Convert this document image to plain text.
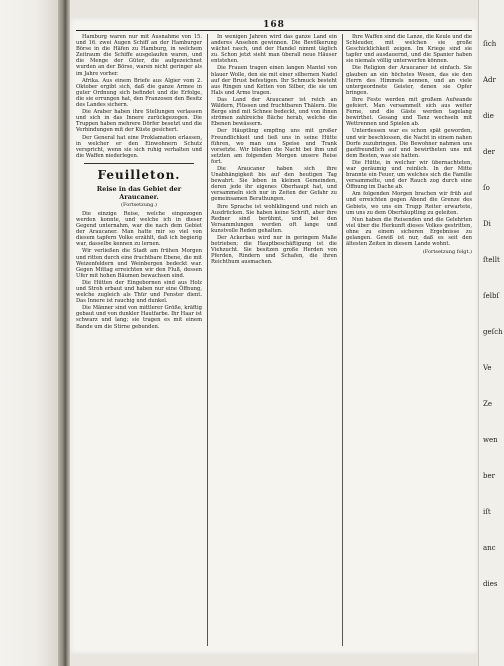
168

Hamburg waren nur mit Ausnahme von 15. und 16. zwei Augen Schiff an der Hamburger Börse in die Häfen zu Hamburg, in welchem Zeitraum die Schiffe ausgelaufen waren, und die Menge der Güter, die aufgezeichnet wurden an der Börse, waren nicht geringer als im Jahre vorher.

Afrika. Aus einem Briefe aus Algier vom 2. Oktober ergibt sich, daß die ganze Armee in guter Ordnung sich befindet und die Erfolge, die sie errungen hat, den Franzosen den Besitz des Landes sichern.

Die Araber haben ihre Stellungen verlassen und sich in das Innere zurückgezogen. Die Truppen haben mehrere Dörfer besetzt und die Verbindungen mit der Küste gesichert.

Der General hat eine Proklamation erlassen, in welcher er den Einwohnern Schutz verspricht, wenn sie sich ruhig verhalten und die Waffen niederlegen.

Feuilleton.
Reise in das Gebiet der Araucaner.
(Fortsetzung.)

Die einzige Reise, welche eingezogen werden konnte, und welche ich in dieser Gegend unternahm, war die nach dem Gebiet der Araucaner. Man hatte mir so viel von diesem tapfern Volke erzählt, daß ich begierig war, dasselbe kennen zu lernen.

Wir verließen die Stadt am frühen Morgen und ritten durch eine fruchtbare Ebene, die mit Weizenfeldern und Weinbergen bedeckt war. Gegen Mittag erreichten wir den Fluß, dessen Ufer mit hohen Bäumen bewachsen sind.

Die Hütten der Eingebornen sind aus Holz und Stroh erbaut und haben nur eine Öffnung, welche zugleich als Thür und Fenster dient. Das Innere ist rauchig und dunkel.

Die Männer sind von mittlerer Größe, kräftig gebaut und von dunkler Hautfarbe. Ihr Haar ist schwarz und lang; sie tragen es mit einem Bande um die Stirne gebunden.

In wenigen Jahren wird das ganze Land ein anderes Ansehen gewinnen. Die Bevölkerung wächst rasch, und der Handel nimmt täglich zu. Schon jetzt sieht man überall neue Häuser entstehen.

Die Frauen tragen einen langen Mantel von blauer Wolle, den sie mit einer silbernen Nadel auf der Brust befestigen. Ihr Schmuck besteht aus Ringen und Ketten von Silber, die sie um Hals und Arme tragen.

Das Land der Araucaner ist reich an Wäldern, Flüssen und fruchtbaren Thälern. Die Berge sind mit Schnee bedeckt, und von ihnen strömen zahlreiche Bäche herab, welche die Ebenen bewässern.

Der Häuptling empfing uns mit großer Freundlichkeit und ließ uns in seine Hütte führen, wo man uns Speise und Trank vorsetzte. Wir blieben die Nacht bei ihm und setzten am folgenden Morgen unsere Reise fort.

Die Araucaner haben sich ihre Unabhängigkeit bis auf den heutigen Tag bewahrt. Sie leben in kleinen Gemeinden, deren jede ihr eigenes Oberhaupt hat, und versammeln sich nur in Zeiten der Gefahr zu gemeinsamen Berathungen.

Ihre Sprache ist wohlklingend und reich an Ausdrücken. Sie haben keine Schrift, aber ihre Redner sind berühmt, und bei den Versammlungen werden oft lange und kunstvolle Reden gehalten.

Der Ackerbau wird nur in geringem Maße betrieben; die Hauptbeschäftigung ist die Viehzucht. Sie besitzen große Herden von Pferden, Rindern und Schafen, die ihren Reichthum ausmachen.

Ihre Waffen sind die Lanze, die Keule und die Schleuder, mit welchen sie große Geschicklichkeit zeigen. Im Kriege sind sie tapfer und ausdauernd, und die Spanier haben sie niemals völlig unterwerfen können.

Die Religion der Araucaner ist einfach. Sie glauben an ein höchstes Wesen, das sie den Herrn des Himmels nennen, und an viele untergeordnete Geister, denen sie Opfer bringen.

Ihre Feste werden mit großem Aufwande gefeiert. Man versammelt sich aus weiter Ferne, und die Gäste werden tagelang bewirthet. Gesang und Tanz wechseln mit Wettrennen und Spielen ab.

Unterdessen war es schon spät geworden, und wir beschlossen, die Nacht in einem nahen Dorfe zuzubringen. Die Bewohner nahmen uns gastfreundlich auf und bewirtheten uns mit dem Besten, was sie hatten.

Die Hütte, in welcher wir übernachteten, war geräumig und reinlich. In der Mitte brannte ein Feuer, um welches sich die Familie versammelte, und der Rauch zog durch eine Öffnung im Dache ab.

Am folgenden Morgen brachen wir früh auf und erreichten gegen Abend die Grenze des Gebiets, wo uns ein Trupp Reiter erwartete, um uns zu dem Oberhäuptling zu geleiten.

Nun haben die Reisenden und die Gelehrten viel über die Herkunft dieses Volkes gestritten, ohne zu einem sicheren Ergebnisse zu gelangen. Gewiß ist nur, daß es seit den ältesten Zeiten in diesem Lande wohnt.

(Fortsetzung folgt.)
ſich
Adr
die
der
ſo
Di
ſtellt
ſelbſ
geſch
Ve
Ze
wen
ber
iſt
anc
dies
